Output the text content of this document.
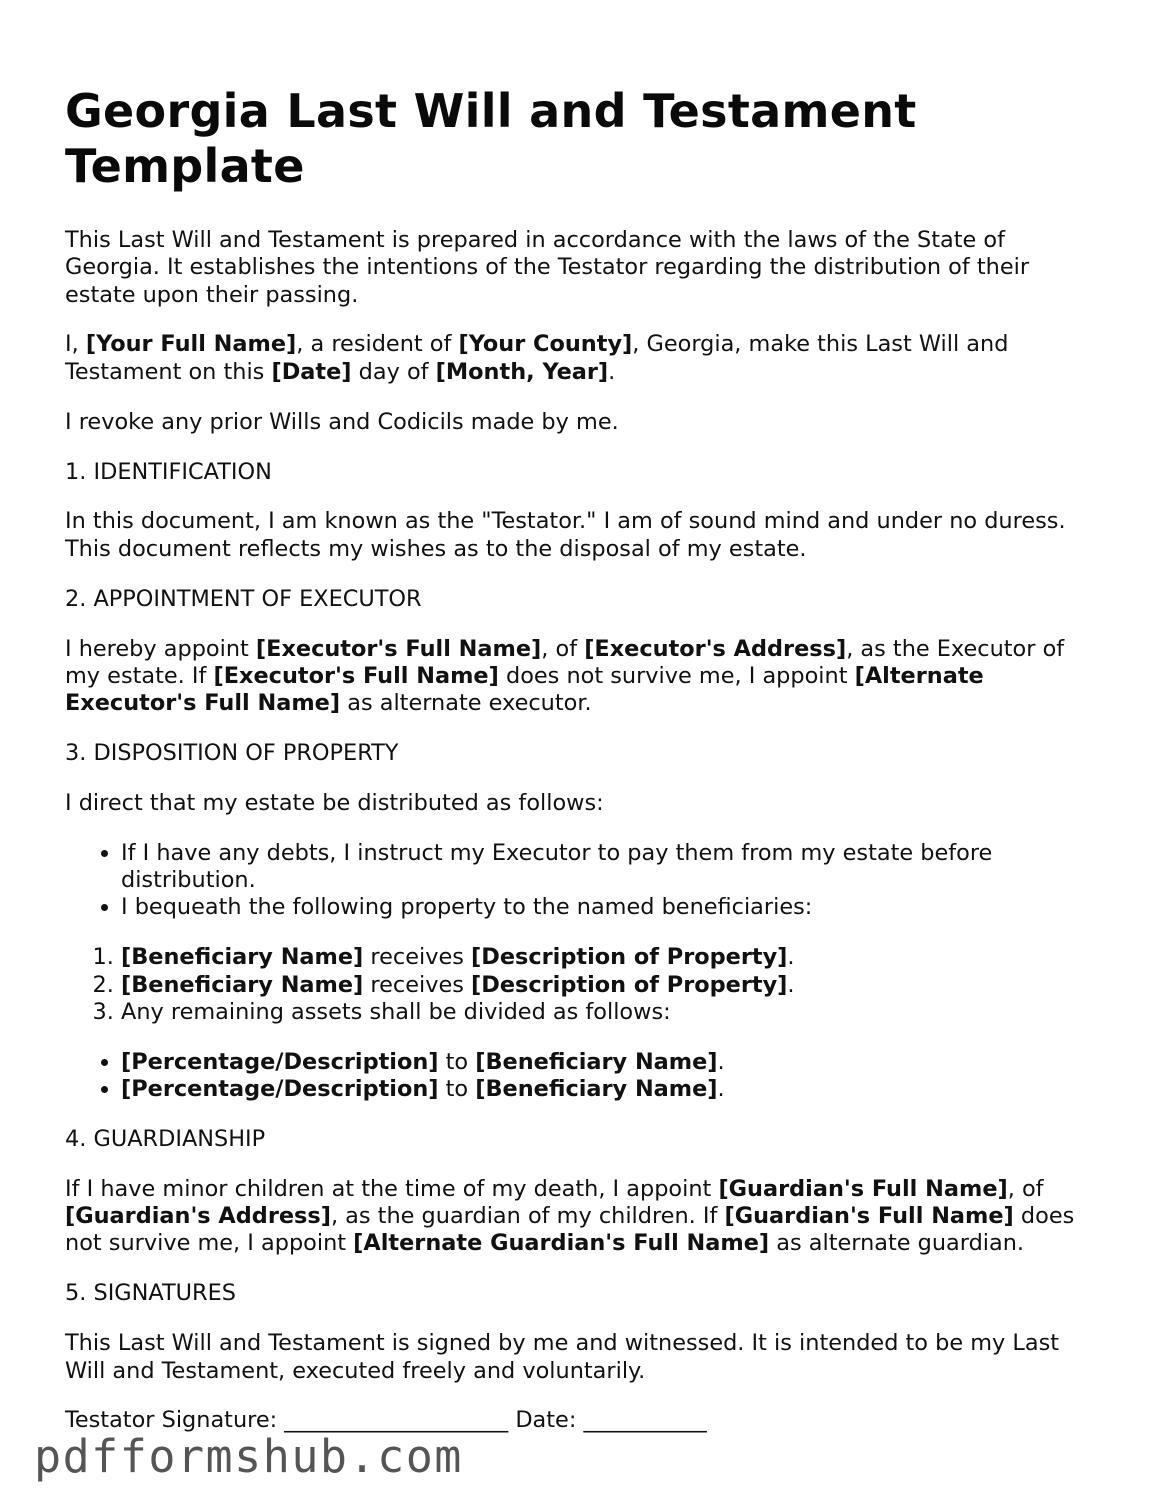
Georgia Last Will and Testament Template

This Last Will and Testament is prepared in accordance with the laws of the State of Georgia. It establishes the intentions of the Testator regarding the distribution of their estate upon their passing.

I, [Your Full Name], a resident of [Your County], Georgia, make this Last Will and Testament on this [Date] day of [Month, Year].

I revoke any prior Wills and Codicils made by me.

1. IDENTIFICATION

In this document, I am known as the "Testator." I am of sound mind and under no duress. This document reflects my wishes as to the disposal of my estate.

2. APPOINTMENT OF EXECUTOR

I hereby appoint [Executor's Full Name], of [Executor's Address], as the Executor of my estate. If [Executor's Full Name] does not survive me, I appoint [Alternate Executor's Full Name] as alternate executor.

3. DISPOSITION OF PROPERTY

I direct that my estate be distributed as follows:

• If I have any debts, I instruct my Executor to pay them from my estate before distribution.
• I bequeath the following property to the named beneficiaries:
1. [Beneficiary Name] receives [Description of Property].
2. [Beneficiary Name] receives [Description of Property].
3. Any remaining assets shall be divided as follows:
• [Percentage/Description] to [Beneficiary Name].
• [Percentage/Description] to [Beneficiary Name].
4. GUARDIANSHIP

If I have minor children at the time of my death, I appoint [Guardian's Full Name], of [Guardian's Address], as the guardian of my children. If [Guardian's Full Name] does not survive me, I appoint [Alternate Guardian's Full Name] as alternate guardian.

5. SIGNATURES

This Last Will and Testament is signed by me and witnessed. It is intended to be my Last Will and Testament, executed freely and voluntarily.

Testator Signature: ____________________ Date: ___________

pdfformshub.com
